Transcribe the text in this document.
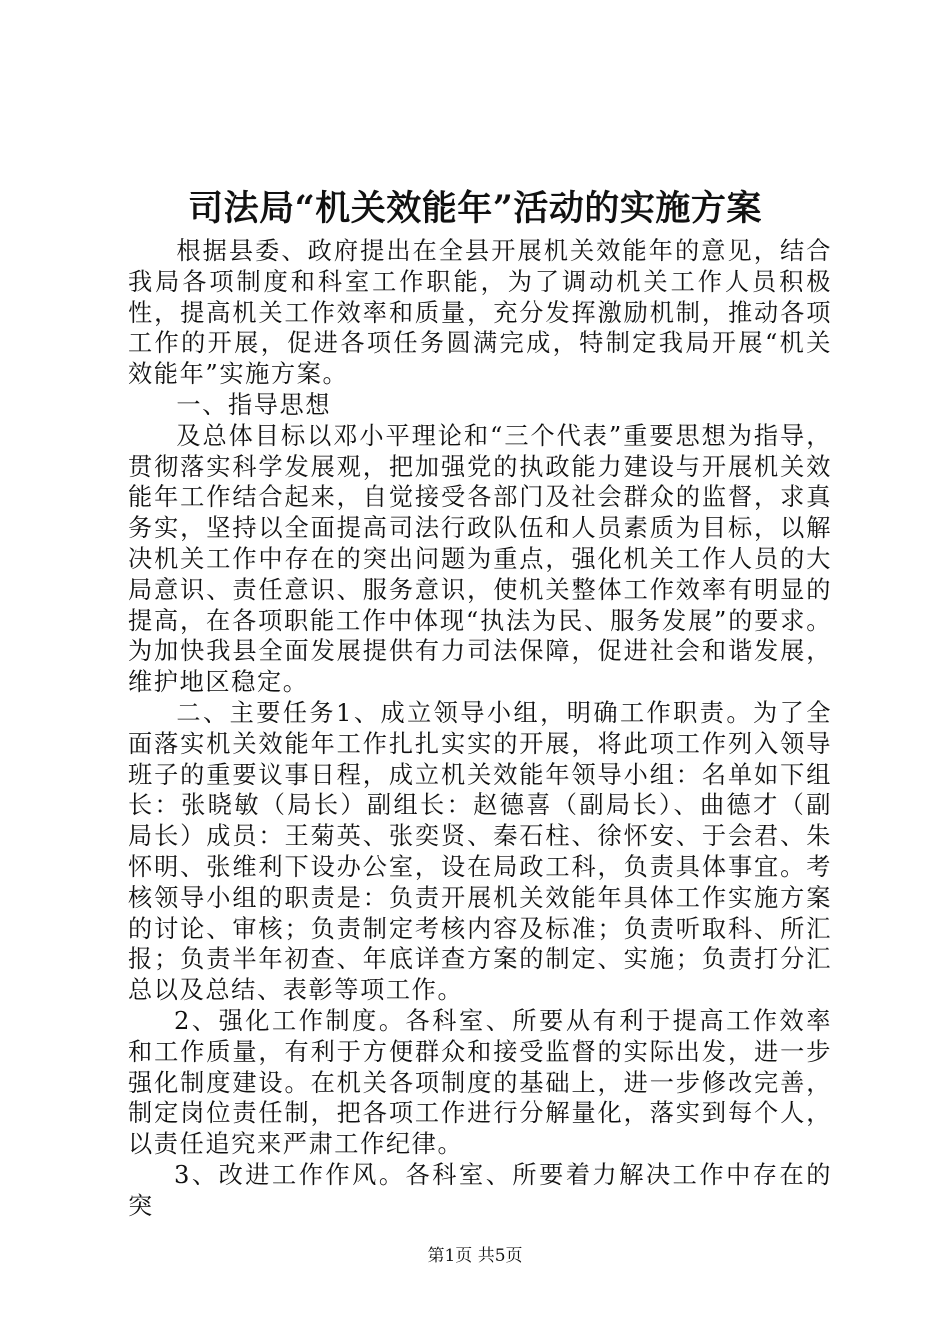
司法局“机关效能年”活动的实施方案

根据县委、政府提出在全县开展机关效能年的意见，结合我局各项制度和科室工作职能，为了调动机关工作人员积极性，提高机关工作效率和质量，充分发挥激励机制，推动各项工作的开展，促进各项任务圆满完成，特制定我局开展“机关效能年”实施方案。

一、指导思想

及总体目标以邓小平理论和“三个代表”重要思想为指导，贯彻落实科学发展观，把加强党的执政能力建设与开展机关效能年工作结合起来，自觉接受各部门及社会群众的监督，求真务实，坚持以全面提高司法行政队伍和人员素质为目标，以解决机关工作中存在的突出问题为重点，强化机关工作人员的大局意识、责任意识、服务意识，使机关整体工作效率有明显的提高，在各项职能工作中体现“执法为民、服务发展”的要求。为加快我县全面发展提供有力司法保障，促进社会和谐发展，维护地区稳定。

二、主要任务1、成立领导小组，明确工作职责。为了全面落实机关效能年工作扎扎实实的开展，将此项工作列入领导班子的重要议事日程，成立机关效能年领导小组：名单如下组长：张晓敏（局长）副组长：赵德喜（副局长）、曲德才（副局长）成员：王菊英、张奕贤、秦石柱、徐怀安、于会君、朱怀明、张维利下设办公室，设在局政工科，负责具体事宜。考核领导小组的职责是：负责开展机关效能年具体工作实施方案的讨论、审核；负责制定考核内容及标准；负责听取科、所汇报；负责半年初查、年底详查方案的制定、实施；负责打分汇总以及总结、表彰等项工作。

2、强化工作制度。各科室、所要从有利于提高工作效率和工作质量，有利于方便群众和接受监督的实际出发，进一步强化制度建设。在机关各项制度的基础上，进一步修改完善，制定岗位责任制，把各项工作进行分解量化，落实到每个人，以责任追究来严肃工作纪律。

3、改进工作作风。各科室、所要着力解决工作中存在的突

第1页 共5页
